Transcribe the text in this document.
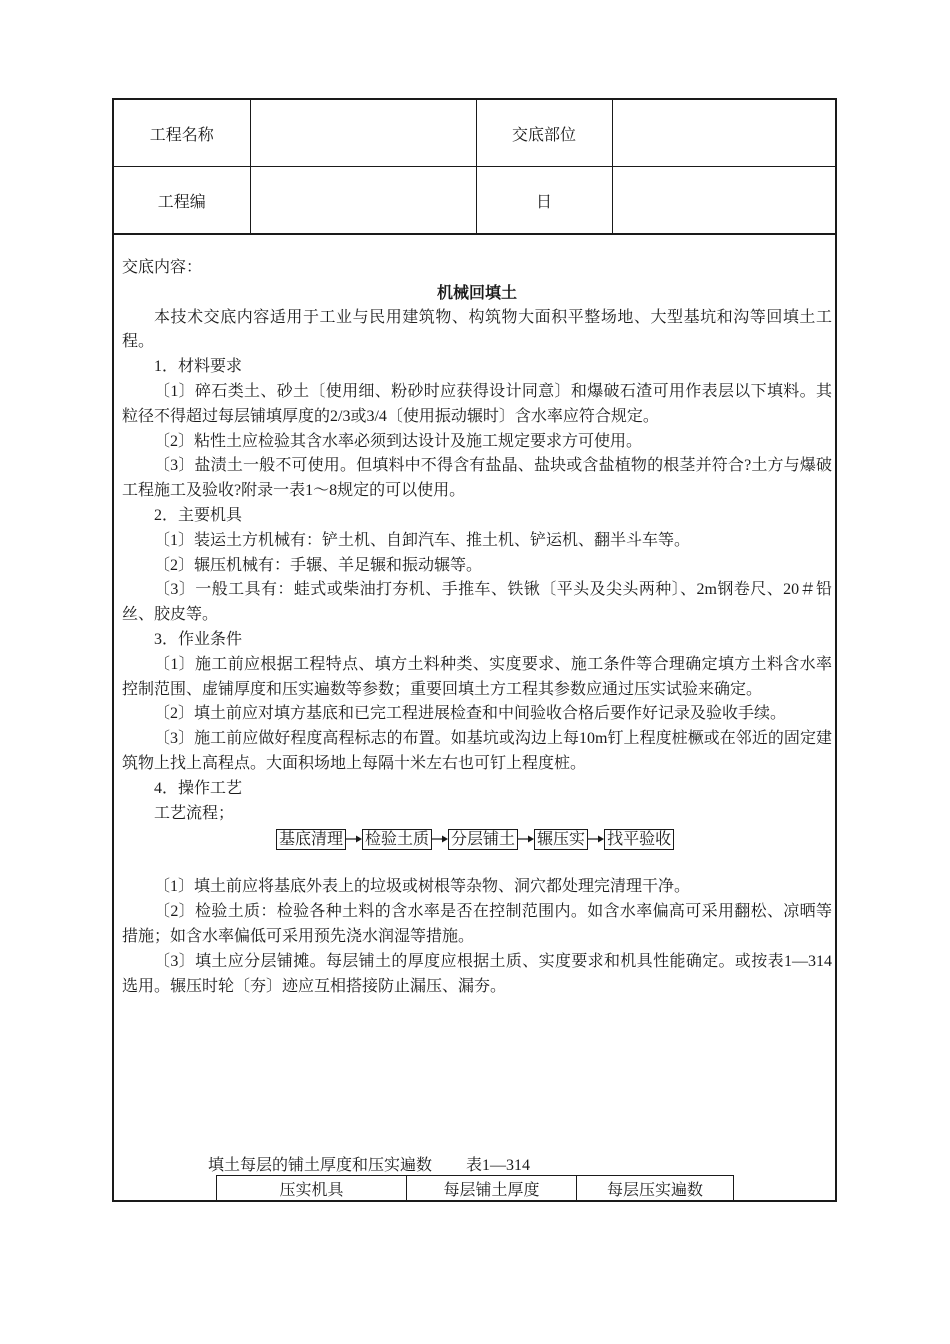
工程名称		交底部位	
工程编		日	

交底内容：

机械回填土

本技术交底内容适用于工业与民用建筑物、构筑物大面积平整场地、大型基坑和沟等回填土工程。

1．材料要求

〔1〕碎石类土、砂土〔使用细、粉砂时应获得设计同意〕和爆破石渣可用作表层以下填料。其粒径不得超过每层铺填厚度的2/3或3/4〔使用振动辗时〕含水率应符合规定。

〔2〕粘性土应检验其含水率必须到达设计及施工规定要求方可使用。

〔3〕盐渍土一般不可使用。但填料中不得含有盐晶、盐块或含盐植物的根茎并符合?土方与爆破工程施工及验收?附录一表1～8规定的可以使用。

2．主要机具

〔1〕装运土方机械有：铲土机、自卸汽车、推土机、铲运机、翻半斗车等。

〔2〕辗压机械有：手辗、羊足辗和振动辗等。

〔3〕一般工具有：蛙式或柴油打夯机、手推车、铁锹〔平头及尖头两种〕、2m钢卷尺、20＃铅丝、胶皮等。

3．作业条件

〔1〕施工前应根据工程特点、填方土料种类、实度要求、施工条件等合理确定填方土料含水率控制范围、虚铺厚度和压实遍数等参数；重要回填土方工程其参数应通过压实试验来确定。

〔2〕填土前应对填方基底和已完工程进展检查和中间验收合格后要作好记录及验收手续。

〔3〕施工前应做好程度高程标志的布置。如基坑或沟边上每10m钉上程度桩橛或在邻近的固定建筑物上找上高程点。大面积场地上每隔十米左右也可钉上程度桩。

4．操作工艺

工艺流程；

〔1〕填土前应将基底外表上的垃圾或树根等杂物、洞穴都处理完清理干净。

〔2〕检验土质：检验各种土料的含水率是否在控制范围内。如含水率偏高可采用翻松、凉晒等措施；如含水率偏低可采用预先浇水润湿等措施。

〔3〕填土应分层铺摊。每层铺土的厚度应根据土质、实度要求和机具性能确定。或按表1—314选用。辗压时轮〔夯〕迹应互相搭接防止漏压、漏夯。

基底清理 检验土质 分层铺土 辗压实 找平验收
填土每层的铺土厚度和压实遍数 表1—314
压实机具	每层铺土厚度	每层压实遍数
